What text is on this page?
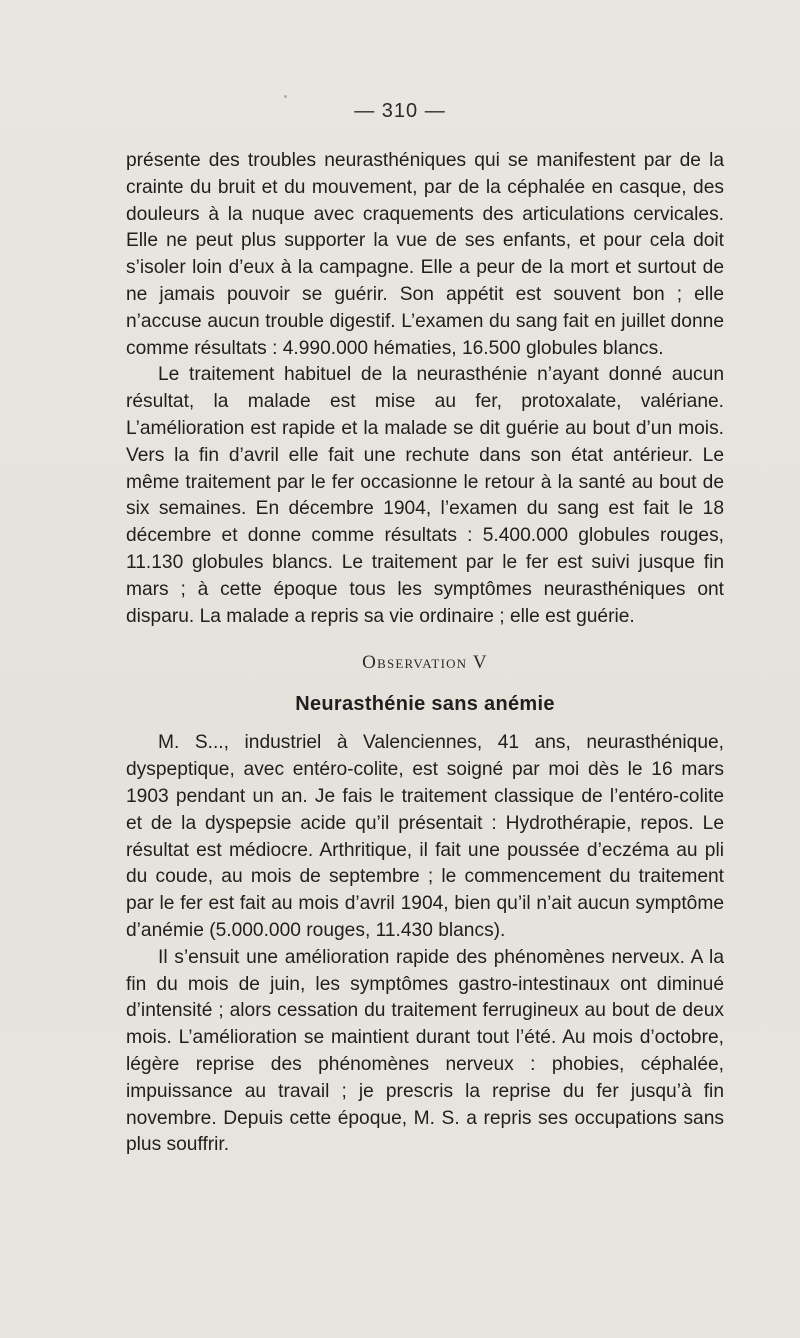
— 310 —

présente des troubles neurasthéniques qui se manifestent par de la crainte du bruit et du mouvement, par de la céphalée en casque, des douleurs à la nuque avec craquements des articulations cervicales. Elle ne peut plus supporter la vue de ses enfants, et pour cela doit s’isoler loin d’eux à la campagne. Elle a peur de la mort et surtout de ne jamais pouvoir se guérir. Son appétit est souvent bon ; elle n’accuse aucun trouble digestif. L’examen du sang fait en juillet donne comme résultats : 4.990.000 hématies, 16.500 globules blancs.

Le traitement habituel de la neurasthénie n’ayant donné aucun résultat, la malade est mise au fer, protoxalate, valériane. L’amélioration est rapide et la malade se dit guérie au bout d’un mois. Vers la fin d’avril elle fait une rechute dans son état antérieur. Le même traitement par le fer occasionne le retour à la santé au bout de six semaines. En décembre 1904, l’examen du sang est fait le 18 décembre et donne comme résultats : 5.400.000 globules rouges, 11.130 globules blancs. Le traitement par le fer est suivi jusque fin mars ; à cette époque tous les symptômes neurasthéniques ont disparu. La malade a repris sa vie ordinaire ; elle est guérie.

Observation V
Neurasthénie sans anémie

M. S..., industriel à Valenciennes, 41 ans, neurasthénique, dyspeptique, avec entéro-colite, est soigné par moi dès le 16 mars 1903 pendant un an. Je fais le traitement classique de l’entéro-colite et de la dyspepsie acide qu’il présentait : Hydrothérapie, repos. Le résultat est médiocre. Arthritique, il fait une poussée d’eczéma au pli du coude, au mois de septembre ; le commencement du traitement par le fer est fait au mois d’avril 1904, bien qu’il n’ait aucun symptôme d’anémie (5.000.000 rouges, 11.430 blancs).

Il s’ensuit une amélioration rapide des phénomènes nerveux. A la fin du mois de juin, les symptômes gastro-intestinaux ont diminué d’intensité ; alors cessation du traitement ferrugineux au bout de deux mois. L’amélioration se maintient durant tout l’été. Au mois d’octobre, légère reprise des phénomènes nerveux : phobies, céphalée, impuissance au travail ; je prescris la reprise du fer jusqu’à fin novembre. Depuis cette époque, M. S. a repris ses occupations sans plus souffrir.
